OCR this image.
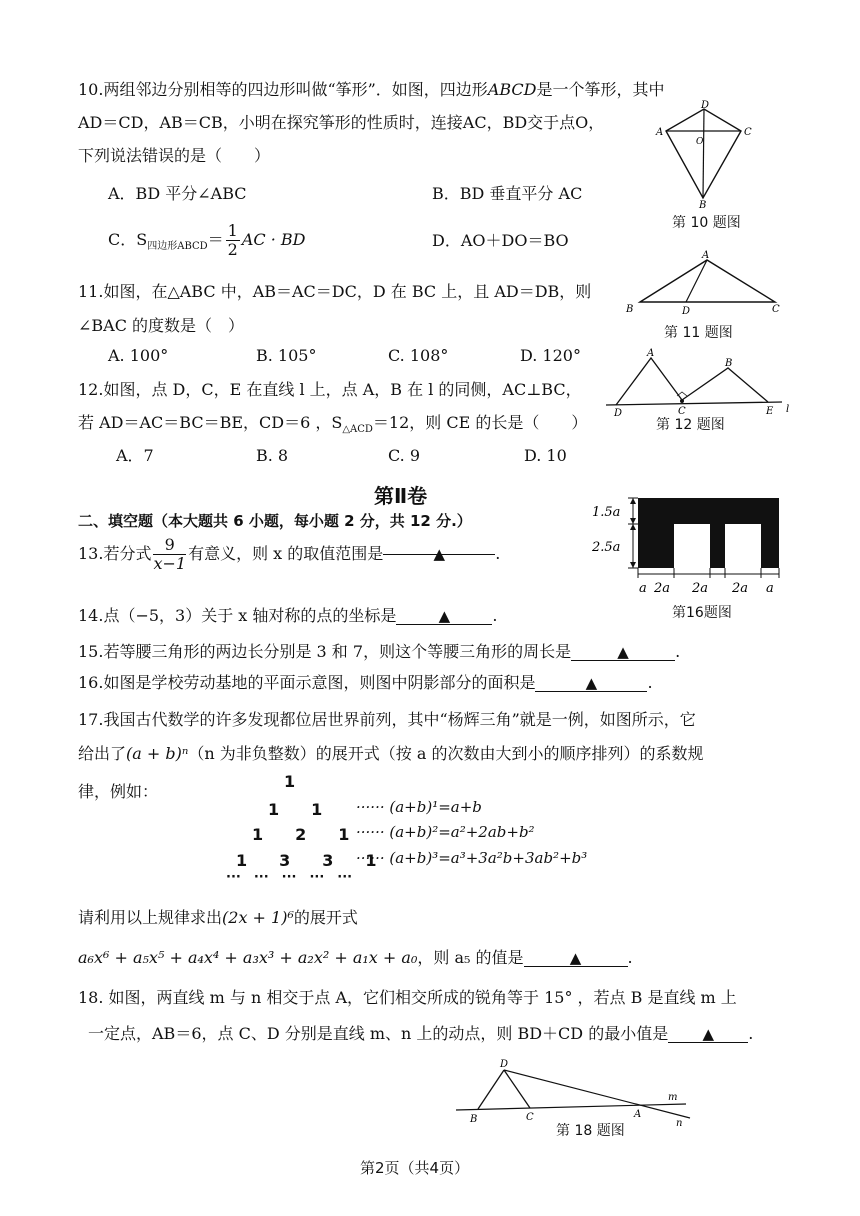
10.两组邻边分别相等的四边形叫做“筝形”．如图，四边形ABCD是一个筝形，其中
AD＝CD，AB＝CB，小明在探究筝形的性质时，连接AC，BD交于点O，
下列说法错误的是（　　）
A．BD 平分∠ABC	B．BD 垂直平分 AC
C．$S_{四边形ABCD}= \frac{1}{2}$ AC · BD	D．AO＋DO＝BO
D
A	C
O
B
第 10 题图
11.如图，在△ABC 中，AB＝AC＝DC，D 在 BC 上，且 AD＝DB，则
∠BAC 的度数是（　）
A. 100°	B. 105°	C. 108°	D. 120°
A
B	D	C
第 11 题图
12.如图，点 D，C，E 在直线 l 上，点 A，B 在 l 的同侧，AC⊥BC，
若 AD＝AC＝BC＝BE，CD＝6 ，$S_{\triangle ACD}=12$，则 CE 的长是（　　）
A．7	B. 8	C. 9	D. 10
A
B
D	C	E l
第 12 题图
第Ⅱ卷
二、填空题（本大题共 6 小题，每小题 2 分，共 12 分.）
13.若分式 $\frac{9}{x-1}$ 有意义，则 x 的取值范围是	▲	.
14.点（−5，3）关于 x 轴对称的点的坐标是	▲	.
15.若等腰三角形的两边长分别是 3 和 7，则这个等腰三角形的周长是	▲	.
16.如图是学校劳动基地的平面示意图，则图中阴影部分的面积是	▲	.
1.5a
2.5a
a 2a 2a 2a a
第16题图
17.我国古代数学的许多发现都位居世界前列，其中“杨辉三角”就是一例，如图所示，它
给出了(a + b)ⁿ（n 为非负整数）的展开式（按 a 的次数由大到小的顺序排列）的系数规
律，例如：
1
1　　1
1　　2　　1
1　　3　　3　　1
···　···　···　···　···
······ (a+b)¹=a+b
······ (a+b)²=a²+2ab+b²
······ (a+b)³=a³+3a²b+3ab²+b³
请利用以上规律求出(2x + 1)⁶的展开式
a₆x⁶ + a₅x⁵ + a₄x⁴ + a₃x³ + a₂x² + a₁x + a₀，则 a₅ 的值是	▲	.
18. 如图，两直线 m 与 n 相交于点 A，它们相交所成的锐角等于 15° ，若点 B 是直线 m 上
一定点，AB＝6，点 C、D 分别是直线 m、n 上的动点，则 BD＋CD 的最小值是 ▲ .
D
B	C	A
m
n
第 18 题图
第2页（共4页）
